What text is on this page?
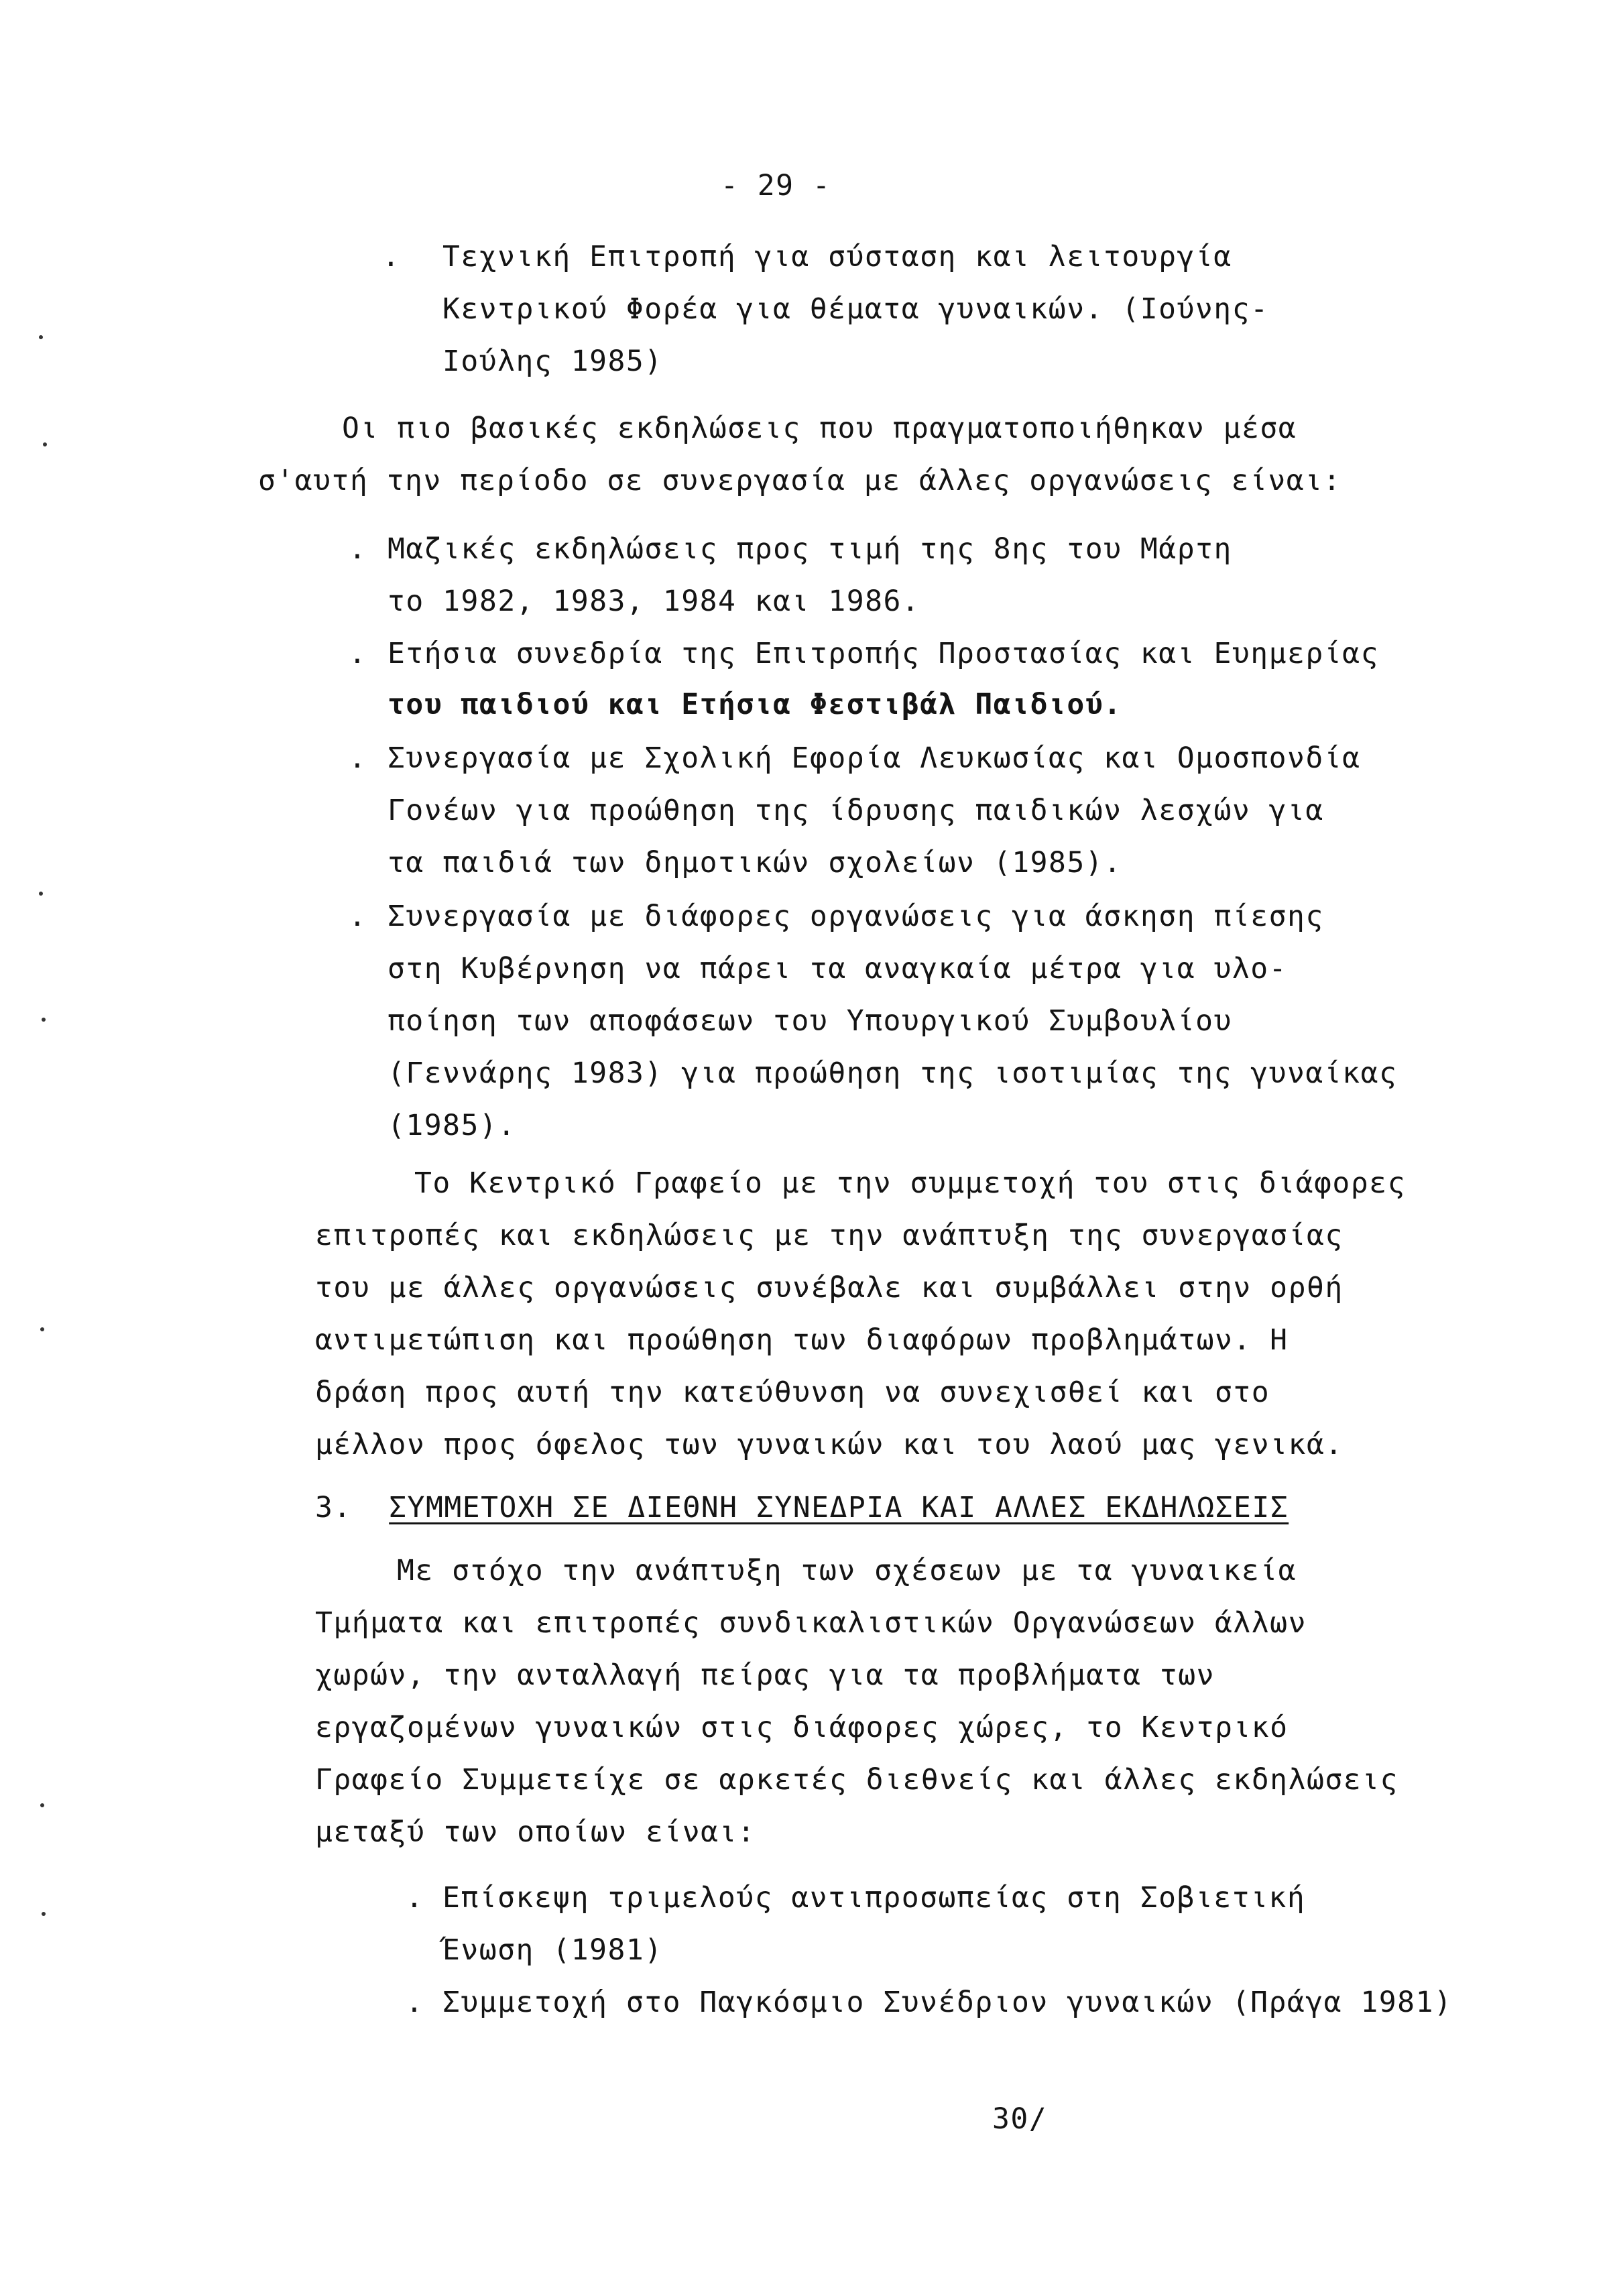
- 29 -
. Τεχνική Επιτροπή για σύσταση και λειτουργία
Κεντρικού Φορέα για θέματα γυναικών. (Ιούνης-
Ιούλης 1985)
Οι πιο βασικές εκδηλώσεις που πραγματοποιήθηκαν μέσα
σ'αυτή την περίοδο σε συνεργασία με άλλες οργανώσεις είναι:
. Μαζικές εκδηλώσεις προς τιμή της 8ης του Μάρτη
το 1982, 1983, 1984 και 1986.
. Ετήσια συνεδρία της Επιτροπής Προστασίας και Ευημερίας
του παιδιού και Ετήσια Φεστιβάλ Παιδιού.
. Συνεργασία με Σχολική Εφορία Λευκωσίας και Ομοσπονδία
Γονέων για προώθηση της ίδρυσης παιδικών λεσχών για
τα παιδιά των δημοτικών σχολείων (1985).
. Συνεργασία με διάφορες οργανώσεις για άσκηση πίεσης
στη Κυβέρνηση να πάρει τα αναγκαία μέτρα για υλο-
ποίηση των αποφάσεων του Υπουργικού Συμβουλίου
(Γεννάρης 1983) για προώθηση της ισοτιμίας της γυναίκας
(1985).
Το Κεντρικό Γραφείο με την συμμετοχή του στις διάφορες
επιτροπές και εκδηλώσεις με την ανάπτυξη της συνεργασίας
του με άλλες οργανώσεις συνέβαλε και συμβάλλει στην ορθή
αντιμετώπιση και προώθηση των διαφόρων προβλημάτων. Η
δράση προς αυτή την κατεύθυνση να συνεχισθεί και στο
μέλλον προς όφελος των γυναικών και του λαού μας γενικά.
3. ΣΥΜΜΕΤΟΧΗ ΣΕ ΔΙΕΘΝΗ ΣΥΝΕΔΡΙΑ ΚΑΙ ΑΛΛΕΣ ΕΚΔΗΛΩΣΕΙΣ
Με στόχο την ανάπτυξη των σχέσεων με τα γυναικεία
Τμήματα και επιτροπές συνδικαλιστικών Οργανώσεων άλλων
χωρών, την ανταλλαγή πείρας για τα προβλήματα των
εργαζομένων γυναικών στις διάφορες χώρες, το Κεντρικό
Γραφείο Συμμετείχε σε αρκετές διεθνείς και άλλες εκδηλώσεις
μεταξύ των οποίων είναι:
. Επίσκεψη τριμελούς αντιπροσωπείας στη Σοβιετική
Ένωση (1981)
. Συμμετοχή στο Παγκόσμιο Συνέδριον γυναικών (Πράγα 1981)
30/
